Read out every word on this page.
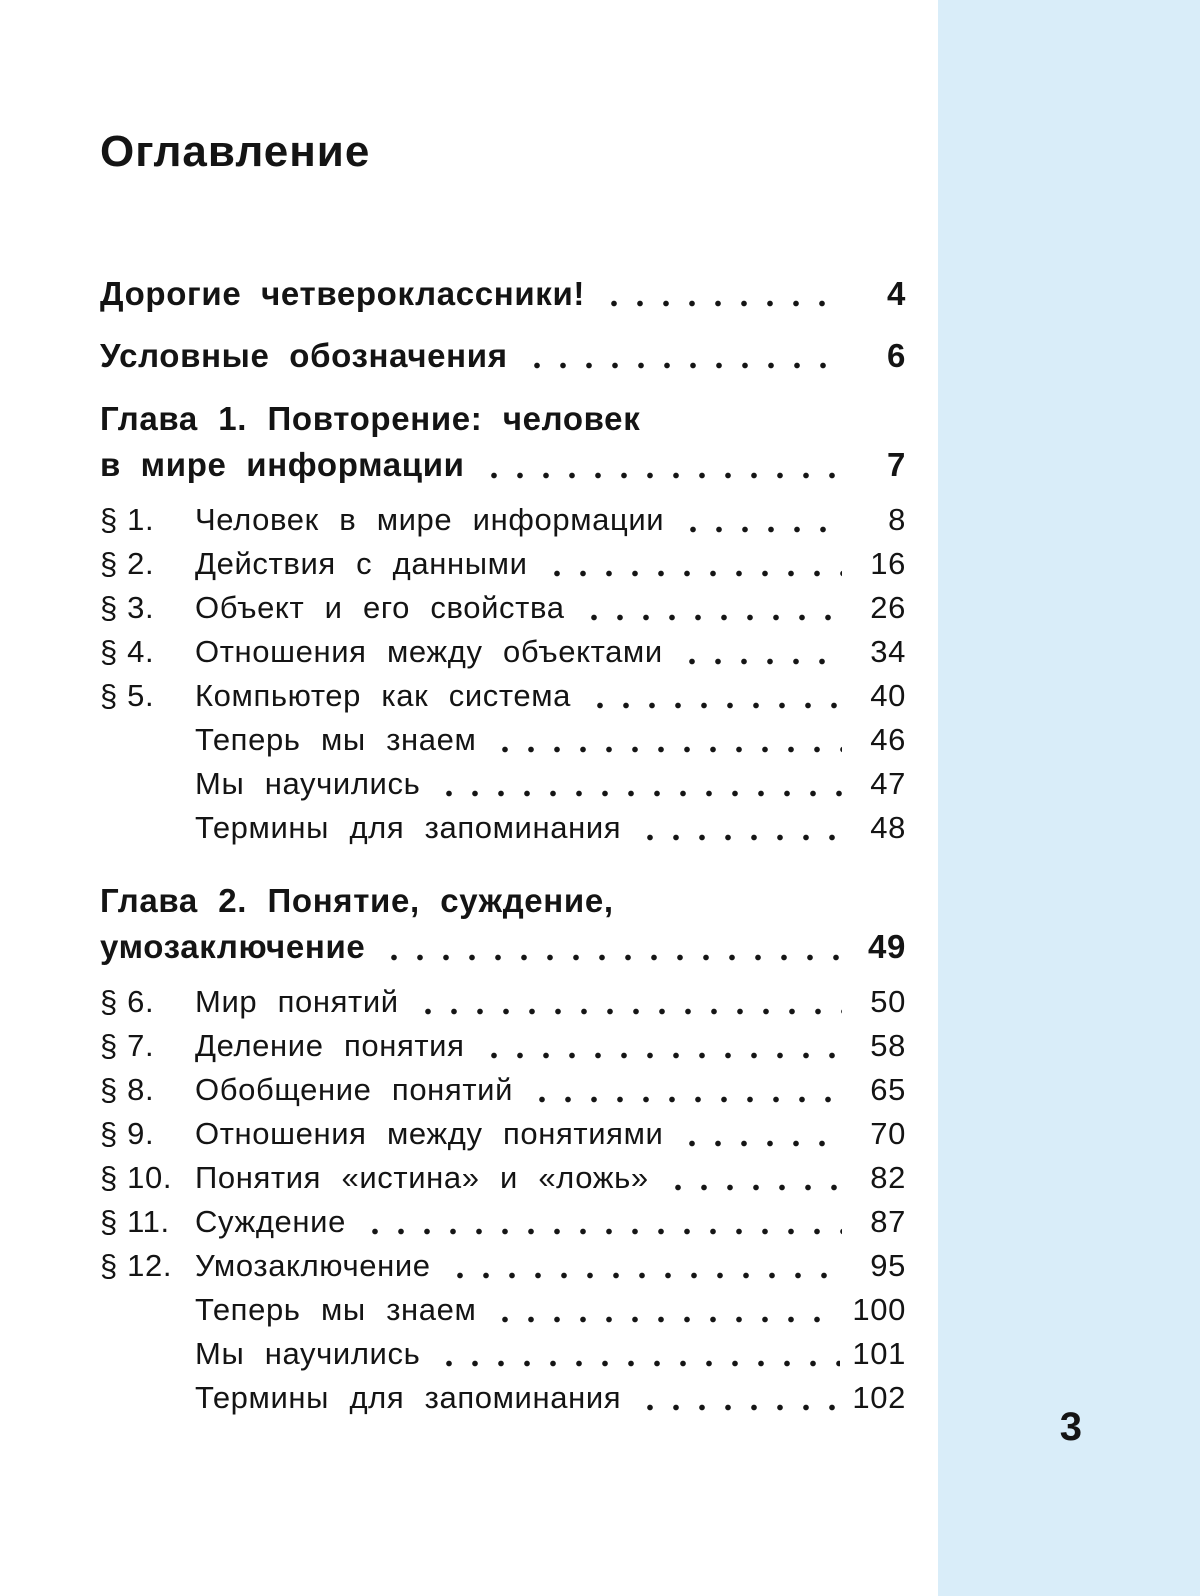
Оглавление
Дорогие четвероклассники!	4
Условные обозначения	6
Глава 1. Повторение: человек
в мире информации	7
§ 1.	Человек в мире информации	8
§ 2.	Действия с данными	16
§ 3.	Объект и его свойства	26
§ 4.	Отношения между объектами	34
§ 5.	Компьютер как система	40
Теперь мы знаем	46
Мы научились	47
Термины для запоминания	48
Глава 2. Понятие, суждение,
умозаключение	49
§ 6.	Мир понятий	50
§ 7.	Деление понятия	58
§ 8.	Обобщение понятий	65
§ 9.	Отношения между понятиями	70
§ 10. Понятия «истина» и «ложь»	82
§ 11. Суждение	87
§ 12. Умозаключение	95
Теперь мы знаем	100
Мы научились	101
Термины для запоминания	102
3
